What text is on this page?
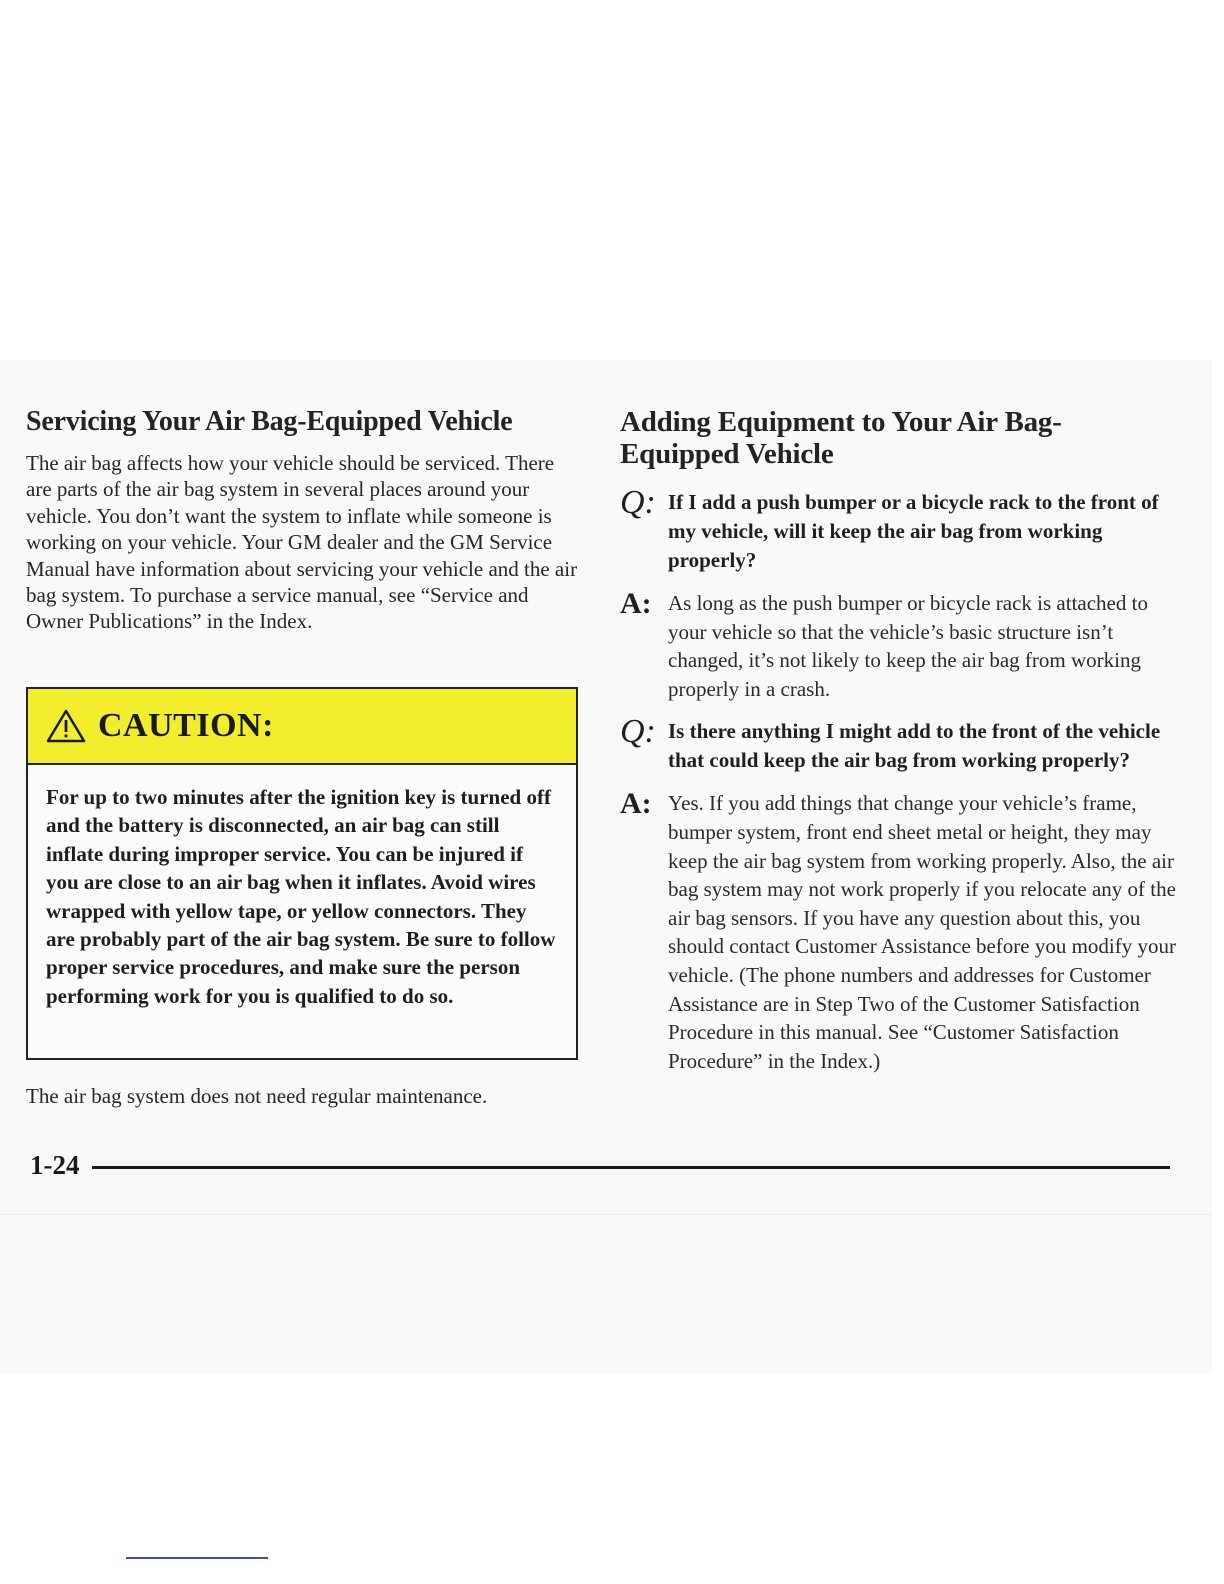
Servicing Your Air Bag-Equipped Vehicle

The air bag affects how your vehicle should be serviced. There are parts of the air bag system in several places around your vehicle. You don’t want the system to inflate while someone is working on your vehicle. Your GM dealer and the GM Service Manual have information about servicing your vehicle and the air bag system. To purchase a service manual, see “Service and Owner Publications” in the Index.

CAUTION:
For up to two minutes after the ignition key is turned off and the battery is disconnected, an air bag can still inflate during improper service. You can be injured if you are close to an air bag when it inflates. Avoid wires wrapped with yellow tape, or yellow connectors. They are probably part of the air bag system. Be sure to follow proper service procedures, and make sure the person performing work for you is qualified to do so.
The air bag system does not need regular maintenance.
Adding Equipment to Your Air Bag-Equipped Vehicle
Q: If I add a push bumper or a bicycle rack to the front of my vehicle, will it keep the air bag from working properly?
A: As long as the push bumper or bicycle rack is attached to your vehicle so that the vehicle’s basic structure isn’t changed, it’s not likely to keep the air bag from working properly in a crash.
Q: Is there anything I might add to the front of the vehicle that could keep the air bag from working properly?
A: Yes. If you add things that change your vehicle’s frame, bumper system, front end sheet metal or height, they may keep the air bag system from working properly. Also, the air bag system may not work properly if you relocate any of the air bag sensors. If you have any question about this, you should contact Customer Assistance before you modify your vehicle. (The phone numbers and addresses for Customer Assistance are in Step Two of the Customer Satisfaction Procedure in this manual. See “Customer Satisfaction Procedure” in the Index.)
1-24
